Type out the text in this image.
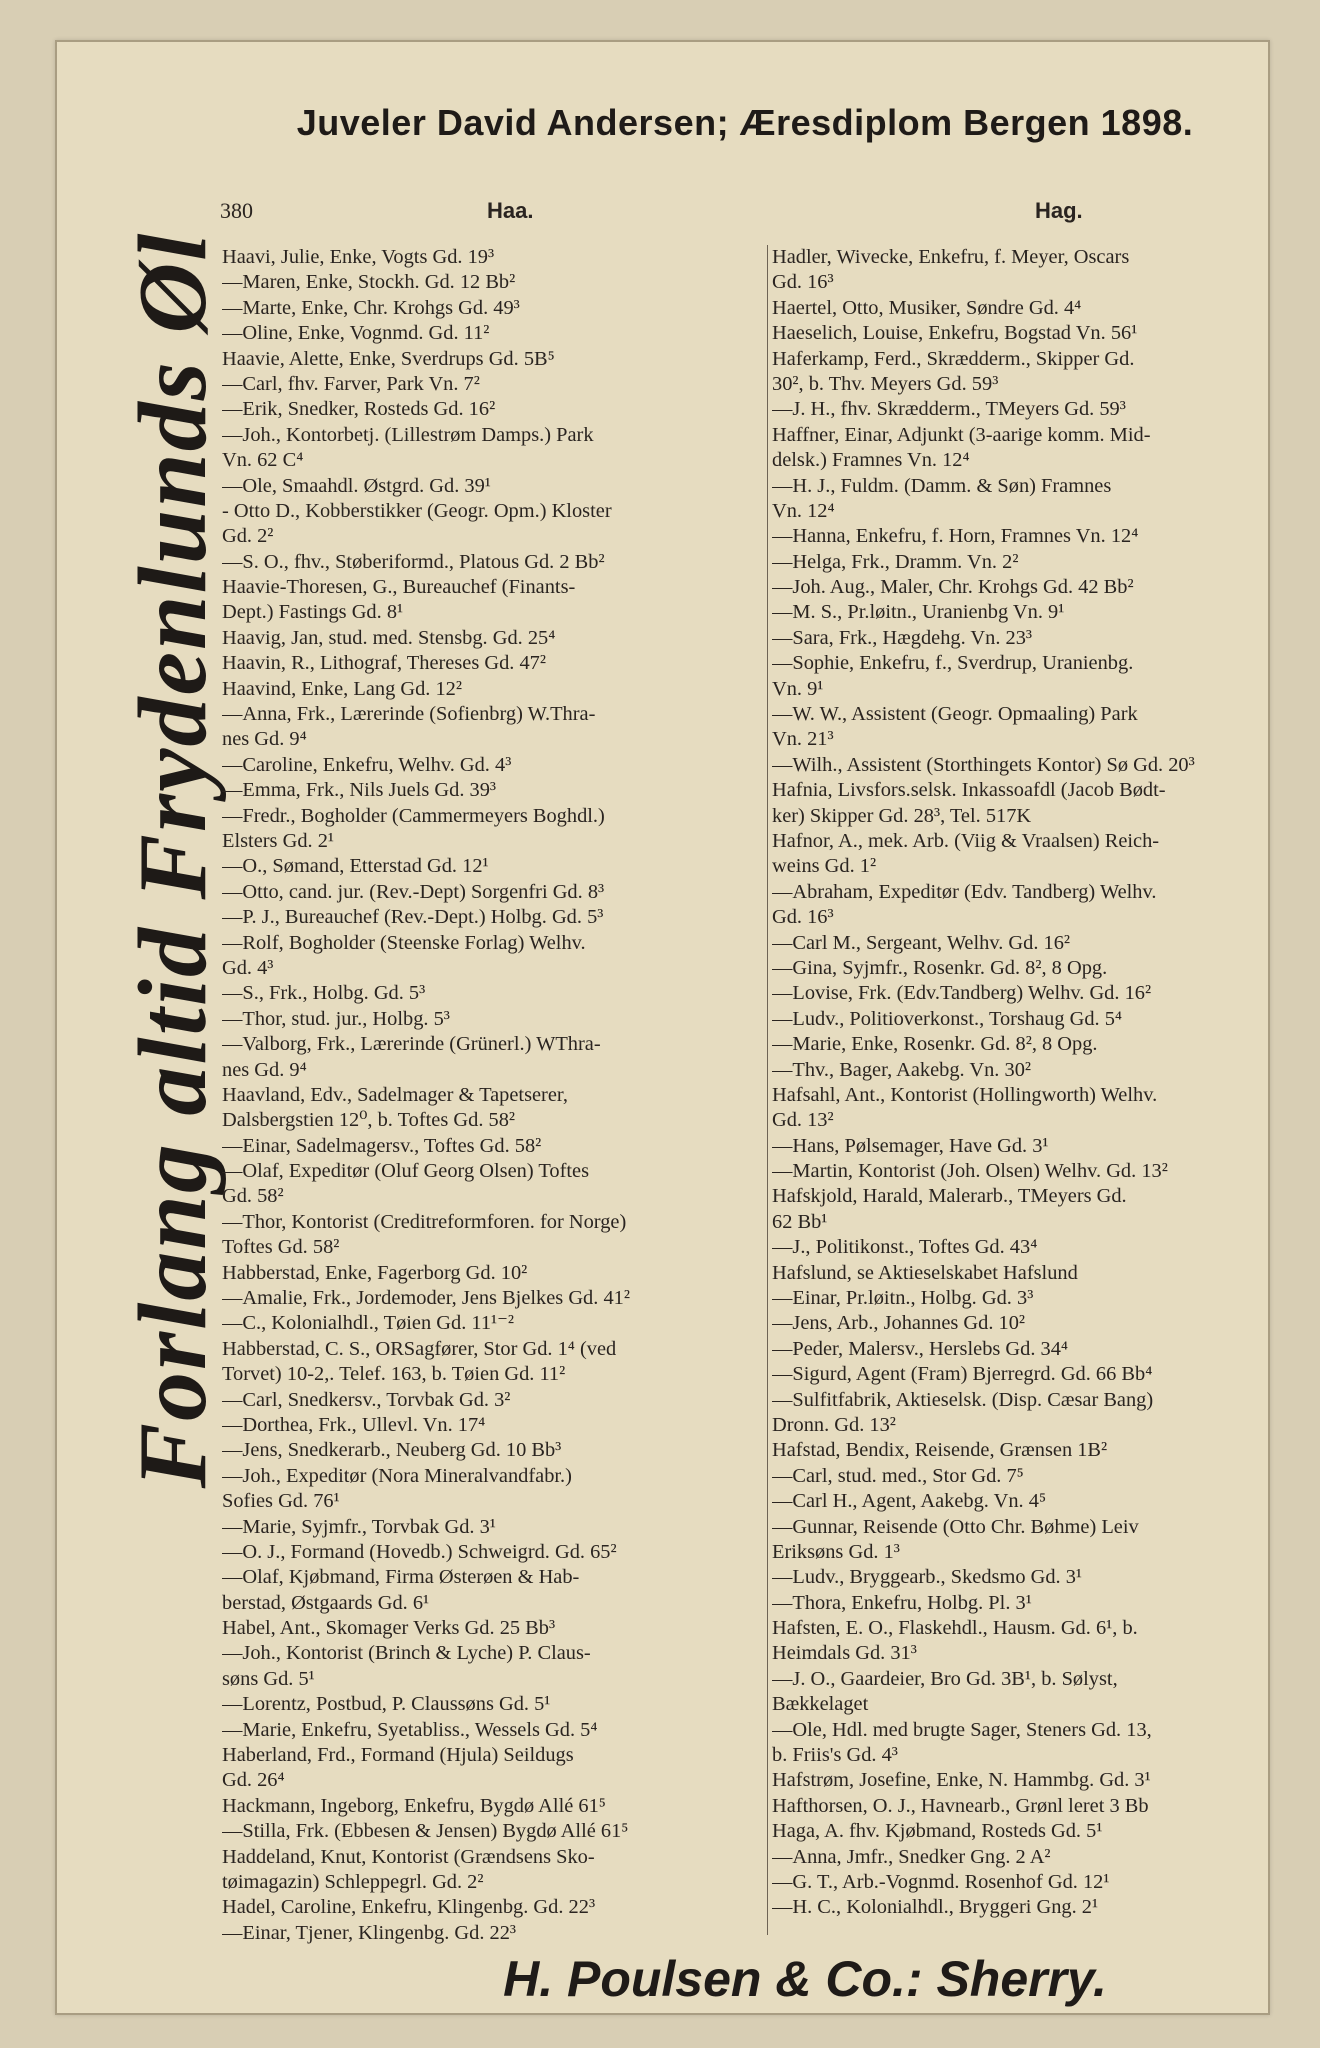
Juveler David Andersen; Æresdiplom Bergen 1898.
380	Haa.	Hag.
Forlang altid Frydenlunds Øl
Haavi, Julie, Enke, Vogts Gd. 19³
—Maren, Enke, Stockh. Gd. 12 Bb²
—Marte, Enke, Chr. Krohgs Gd. 49³
—Oline, Enke, Vognmd. Gd. 11²
Haavie, Alette, Enke, Sverdrups Gd. 5B⁵
—Carl, fhv. Farver, Park Vn. 7²
—Erik, Snedker, Rosteds Gd. 16²
—Joh., Kontorbetj. (Lillestrøm Damps.) Park
Vn. 62 C⁴
—Ole, Smaahdl. Østgrd. Gd. 39¹
- Otto D., Kobberstikker (Geogr. Opm.) Kloster
Gd. 2²
—S. O., fhv., Støberiformd., Platous Gd. 2 Bb²
Haavie-Thoresen, G., Bureauchef (Finants-
Dept.) Fastings Gd. 8¹
Haavig, Jan, stud. med. Stensbg. Gd. 25⁴
Haavin, R., Lithograf, Thereses Gd. 47²
Haavind, Enke, Lang Gd. 12²
—Anna, Frk., Lærerinde (Sofienbrg) W.Thra-
nes Gd. 9⁴
—Caroline, Enkefru, Welhv. Gd. 4³
—Emma, Frk., Nils Juels Gd. 39³
—Fredr., Bogholder (Cammermeyers Boghdl.)
Elsters Gd. 2¹
—O., Sømand, Etterstad Gd. 12¹
—Otto, cand. jur. (Rev.-Dept) Sorgenfri Gd. 8³
—P. J., Bureauchef (Rev.-Dept.) Holbg. Gd. 5³
—Rolf, Bogholder (Steenske Forlag) Welhv.
Gd. 4³
—S., Frk., Holbg. Gd. 5³
—Thor, stud. jur., Holbg. 5³
—Valborg, Frk., Lærerinde (Grünerl.) WThra-
nes Gd. 9⁴
Haavland, Edv., Sadelmager & Tapetserer,
Dalsbergstien 12⁰, b. Toftes Gd. 58²
—Einar, Sadelmagersv., Toftes Gd. 58²
—Olaf, Expeditør (Oluf Georg Olsen) Toftes
Gd. 58²
—Thor, Kontorist (Creditreformforen. for Norge)
Toftes Gd. 58²
Habberstad, Enke, Fagerborg Gd. 10²
—Amalie, Frk., Jordemoder, Jens Bjelkes Gd. 41²
—C., Kolonialhdl., Tøien Gd. 11¹⁻²
Habberstad, C. S., ORSagfører, Stor Gd. 1⁴ (ved
Torvet) 10-2,. Telef. 163, b. Tøien Gd. 11²
—Carl, Snedkersv., Torvbak Gd. 3²
—Dorthea, Frk., Ullevl. Vn. 17⁴
—Jens, Snedkerarb., Neuberg Gd. 10 Bb³
—Joh., Expeditør (Nora Mineralvandfabr.)
Sofies Gd. 76¹
—Marie, Syjmfr., Torvbak Gd. 3¹
—O. J., Formand (Hovedb.) Schweigrd. Gd. 65²
—Olaf, Kjøbmand, Firma Østerøen & Hab-
berstad, Østgaards Gd. 6¹
Habel, Ant., Skomager Verks Gd. 25 Bb³
—Joh., Kontorist (Brinch & Lyche) P. Claus-
søns Gd. 5¹
—Lorentz, Postbud, P. Claussøns Gd. 5¹
—Marie, Enkefru, Syetabliss., Wessels Gd. 5⁴
Haberland, Frd., Formand (Hjula) Seildugs
Gd. 26⁴
Hackmann, Ingeborg, Enkefru, Bygdø Allé 61⁵
—Stilla, Frk. (Ebbesen & Jensen) Bygdø Allé 61⁵
Haddeland, Knut, Kontorist (Grændsens Sko-
tøimagazin) Schleppegrl. Gd. 2²
Hadel, Caroline, Enkefru, Klingenbg. Gd. 22³
—Einar, Tjener, Klingenbg. Gd. 22³
Hadler, Wivecke, Enkefru, f. Meyer, Oscars
Gd. 16³
Haertel, Otto, Musiker, Søndre Gd. 4⁴
Haeselich, Louise, Enkefru, Bogstad Vn. 56¹
Haferkamp, Ferd., Skrædderm., Skipper Gd.
30², b. Thv. Meyers Gd. 59³
—J. H., fhv. Skrædderm., TMeyers Gd. 59³
Haffner, Einar, Adjunkt (3-aarige komm. Mid-
delsk.) Framnes Vn. 12⁴
—H. J., Fuldm. (Damm. & Søn) Framnes
Vn. 12⁴
—Hanna, Enkefru, f. Horn, Framnes Vn. 12⁴
—Helga, Frk., Dramm. Vn. 2²
—Joh. Aug., Maler, Chr. Krohgs Gd. 42 Bb²
—M. S., Pr.løitn., Uranienbg Vn. 9¹
—Sara, Frk., Hægdehg. Vn. 23³
—Sophie, Enkefru, f., Sverdrup, Uranienbg.
Vn. 9¹
—W. W., Assistent (Geogr. Opmaaling) Park
Vn. 21³
—Wilh., Assistent (Storthingets Kontor) Sø Gd. 20³
Hafnia, Livsfors.selsk. Inkassoafdl (Jacob Bødt-
ker) Skipper Gd. 28³, Tel. 517K
Hafnor, A., mek. Arb. (Viig & Vraalsen) Reich-
weins Gd. 1²
—Abraham, Expeditør (Edv. Tandberg) Welhv.
Gd. 16³
—Carl M., Sergeant, Welhv. Gd. 16²
—Gina, Syjmfr., Rosenkr. Gd. 8², 8 Opg.
—Lovise, Frk. (Edv.Tandberg) Welhv. Gd. 16²
—Ludv., Politioverkonst., Torshaug Gd. 5⁴
—Marie, Enke, Rosenkr. Gd. 8², 8 Opg.
—Thv., Bager, Aakebg. Vn. 30²
Hafsahl, Ant., Kontorist (Hollingworth) Welhv.
Gd. 13²
—Hans, Pølsemager, Have Gd. 3¹
—Martin, Kontorist (Joh. Olsen) Welhv. Gd. 13²
Hafskjold, Harald, Malerarb., TMeyers Gd.
62 Bb¹
—J., Politikonst., Toftes Gd. 43⁴
Hafslund, se Aktieselskabet Hafslund
—Einar, Pr.løitn., Holbg. Gd. 3³
—Jens, Arb., Johannes Gd. 10²
—Peder, Malersv., Herslebs Gd. 34⁴
—Sigurd, Agent (Fram) Bjerregrd. Gd. 66 Bb⁴
—Sulfitfabrik, Aktieselsk. (Disp. Cæsar Bang)
Dronn. Gd. 13²
Hafstad, Bendix, Reisende, Grænsen 1B²
—Carl, stud. med., Stor Gd. 7⁵
—Carl H., Agent, Aakebg. Vn. 4⁵
—Gunnar, Reisende (Otto Chr. Bøhme) Leiv
Eriksøns Gd. 1³
—Ludv., Bryggearb., Skedsmo Gd. 3¹
—Thora, Enkefru, Holbg. Pl. 3¹
Hafsten, E. O., Flaskehdl., Hausm. Gd. 6¹, b.
Heimdals Gd. 31³
—J. O., Gaardeier, Bro Gd. 3B¹, b. Sølyst,
Bækkelaget
—Ole, Hdl. med brugte Sager, Steners Gd. 13,
b. Friis's Gd. 4³
Hafstrøm, Josefine, Enke, N. Hammbg. Gd. 3¹
Hafthorsen, O. J., Havnearb., Grønl leret 3 Bb
Haga, A. fhv. Kjøbmand, Rosteds Gd. 5¹
—Anna, Jmfr., Snedker Gng. 2 A²
—G. T., Arb.-Vognmd. Rosenhof Gd. 12¹
—H. C., Kolonialhdl., Bryggeri Gng. 2¹
H. Poulsen & Co.: Sherry.
